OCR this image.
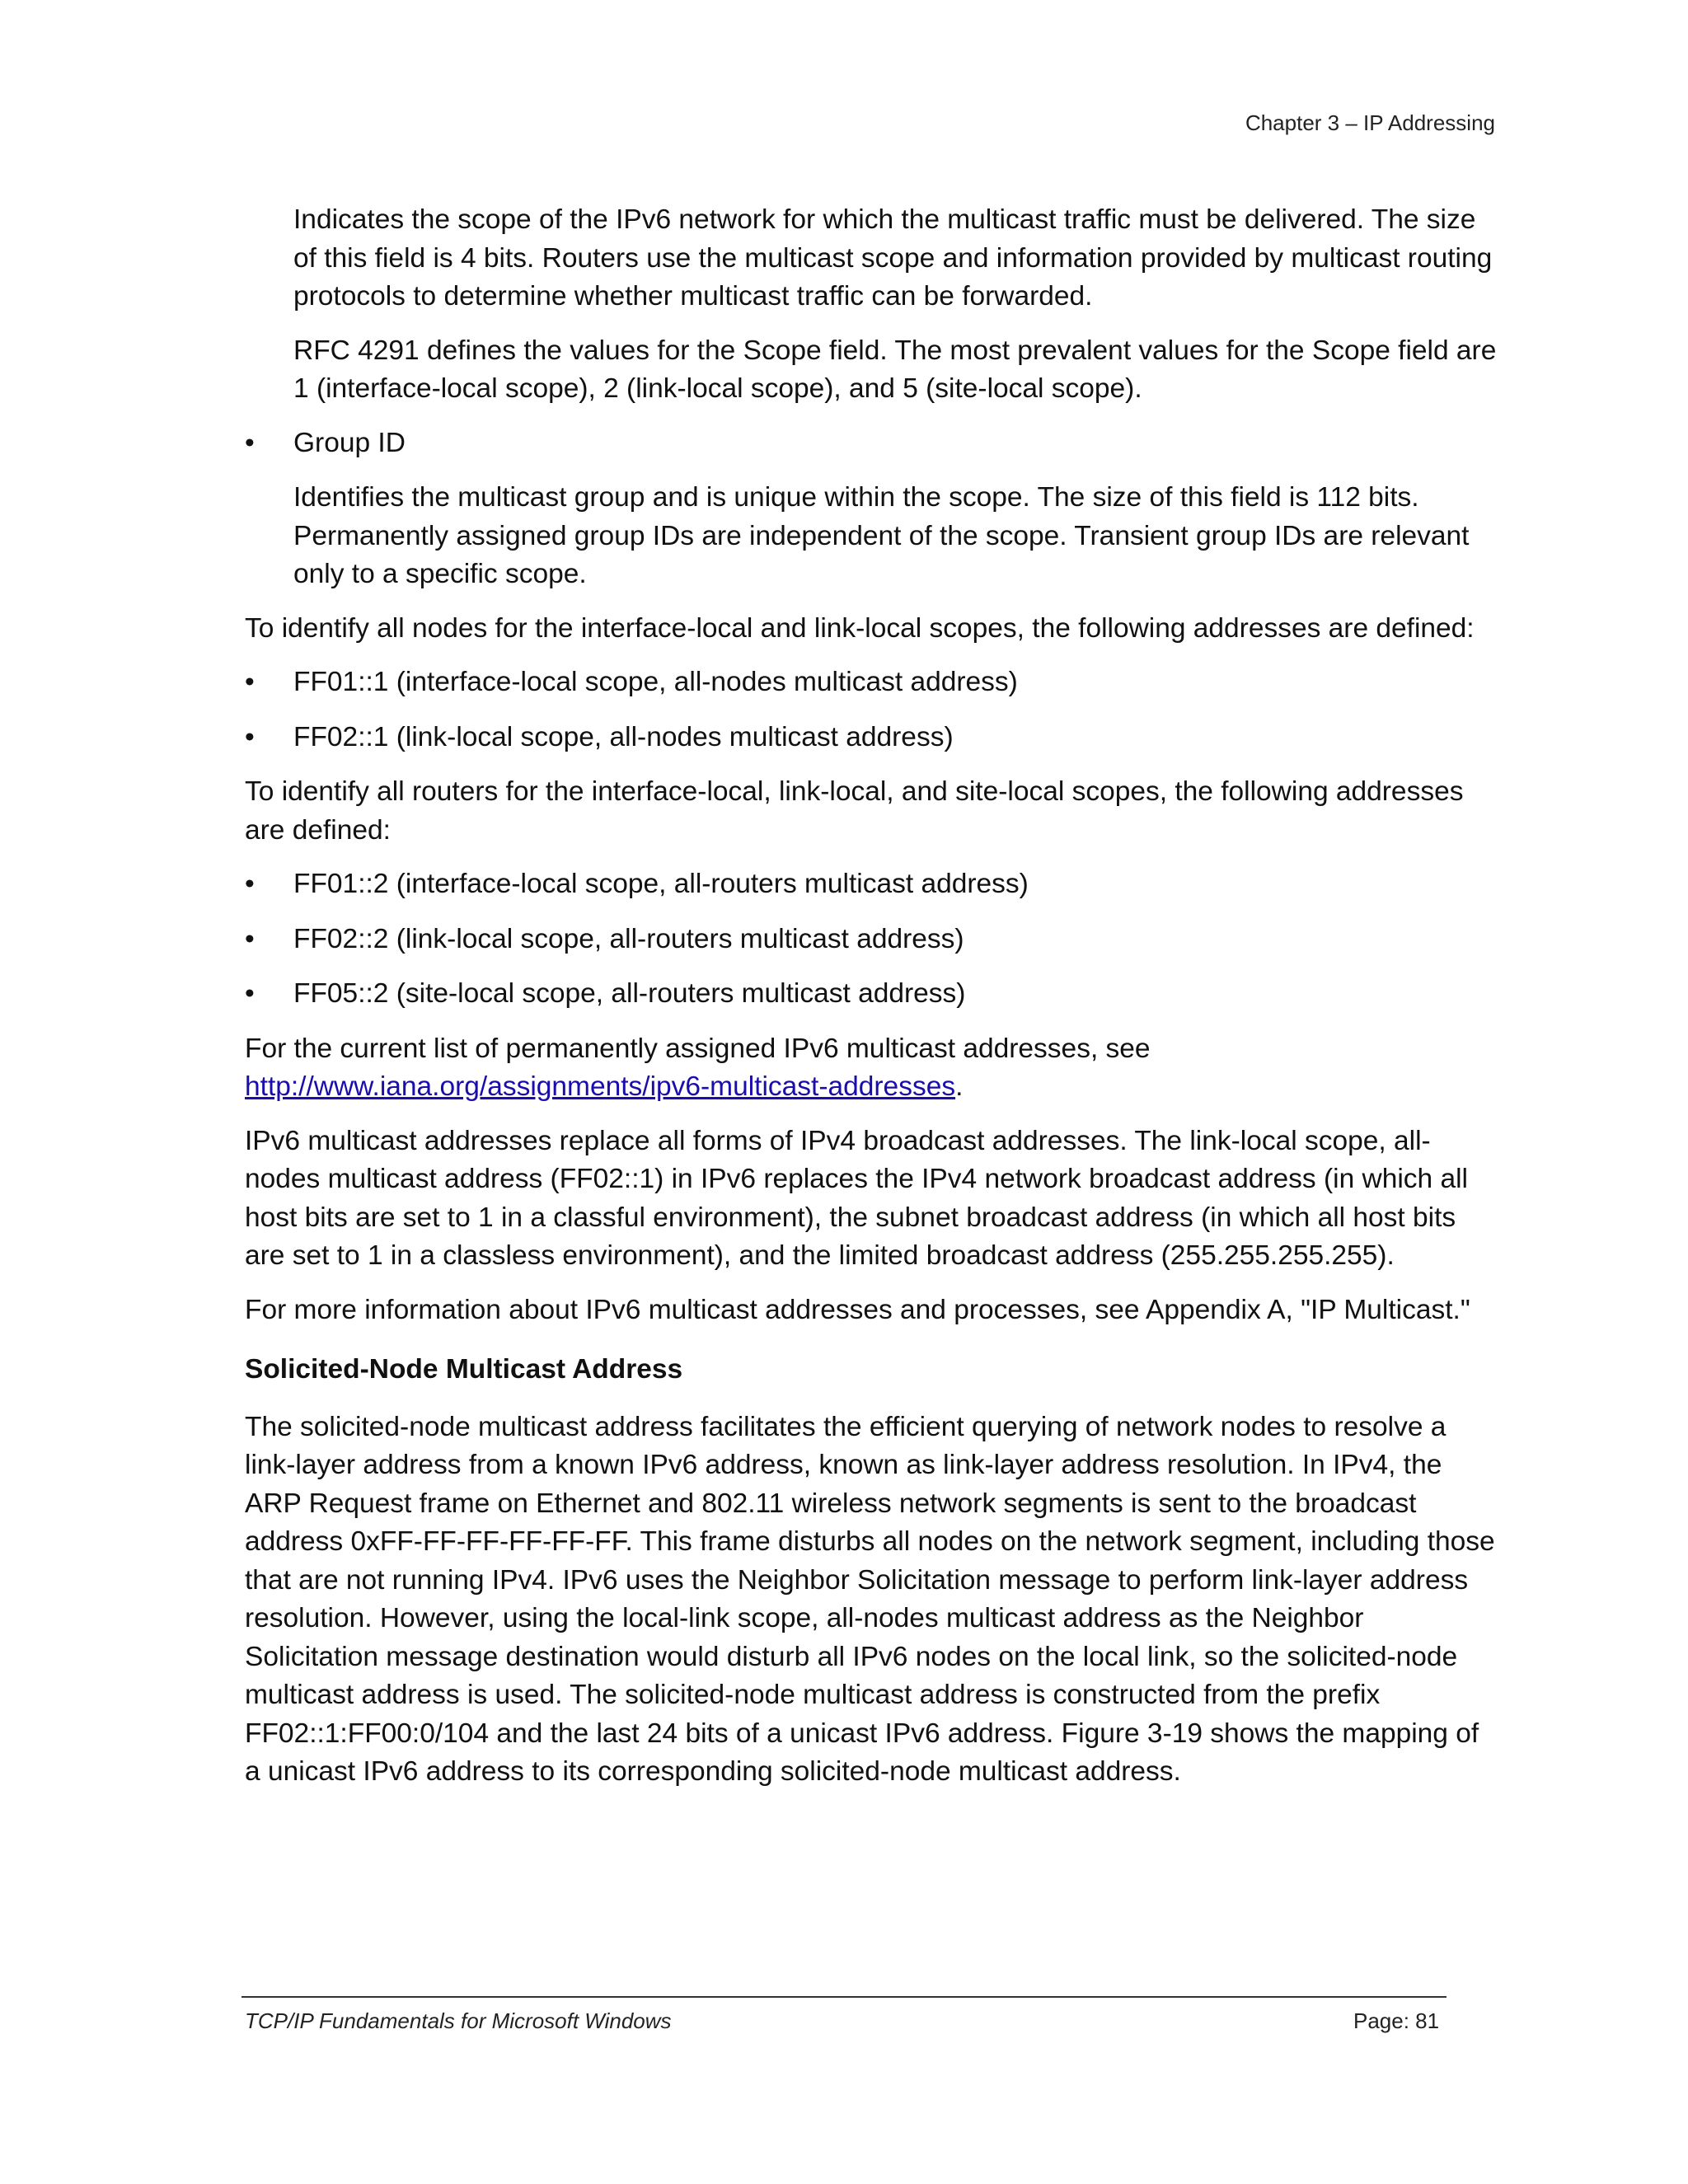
Chapter 3 – IP Addressing

Indicates the scope of the IPv6 network for which the multicast traffic must be delivered. The size of this field is 4 bits. Routers use the multicast scope and information provided by multicast routing protocols to determine whether multicast traffic can be forwarded.

RFC 4291 defines the values for the Scope field. The most prevalent values for the Scope field are 1 (interface-local scope), 2 (link-local scope), and 5 (site-local scope).

• Group ID

Identifies the multicast group and is unique within the scope. The size of this field is 112 bits. Permanently assigned group IDs are independent of the scope. Transient group IDs are relevant only to a specific scope.

To identify all nodes for the interface-local and link-local scopes, the following addresses are defined:

• FF01::1 (interface-local scope, all-nodes multicast address)
• FF02::1 (link-local scope, all-nodes multicast address)

To identify all routers for the interface-local, link-local, and site-local scopes, the following addresses are defined:

• FF01::2 (interface-local scope, all-routers multicast address)
• FF02::2 (link-local scope, all-routers multicast address)
• FF05::2 (site-local scope, all-routers multicast address)

For the current list of permanently assigned IPv6 multicast addresses, see
http://www.iana.org/assignments/ipv6-multicast-addresses.

IPv6 multicast addresses replace all forms of IPv4 broadcast addresses. The link-local scope, all-nodes multicast address (FF02::1) in IPv6 replaces the IPv4 network broadcast address (in which all host bits are set to 1 in a classful environment), the subnet broadcast address (in which all host bits are set to 1 in a classless environment), and the limited broadcast address (255.255.255.255).

For more information about IPv6 multicast addresses and processes, see Appendix A, "IP Multicast."

Solicited-Node Multicast Address

The solicited-node multicast address facilitates the efficient querying of network nodes to resolve a link-layer address from a known IPv6 address, known as link-layer address resolution. In IPv4, the ARP Request frame on Ethernet and 802.11 wireless network segments is sent to the broadcast address 0xFF-FF-FF-FF-FF-FF. This frame disturbs all nodes on the network segment, including those that are not running IPv4. IPv6 uses the Neighbor Solicitation message to perform link-layer address resolution. However, using the local-link scope, all-nodes multicast address as the Neighbor Solicitation message destination would disturb all IPv6 nodes on the local link, so the solicited-node multicast address is used. The solicited-node multicast address is constructed from the prefix FF02::1:FF00:0/104 and the last 24 bits of a unicast IPv6 address. Figure 3-19 shows the mapping of a unicast IPv6 address to its corresponding solicited-node multicast address.

TCP/IP Fundamentals for Microsoft Windows	Page: 81
